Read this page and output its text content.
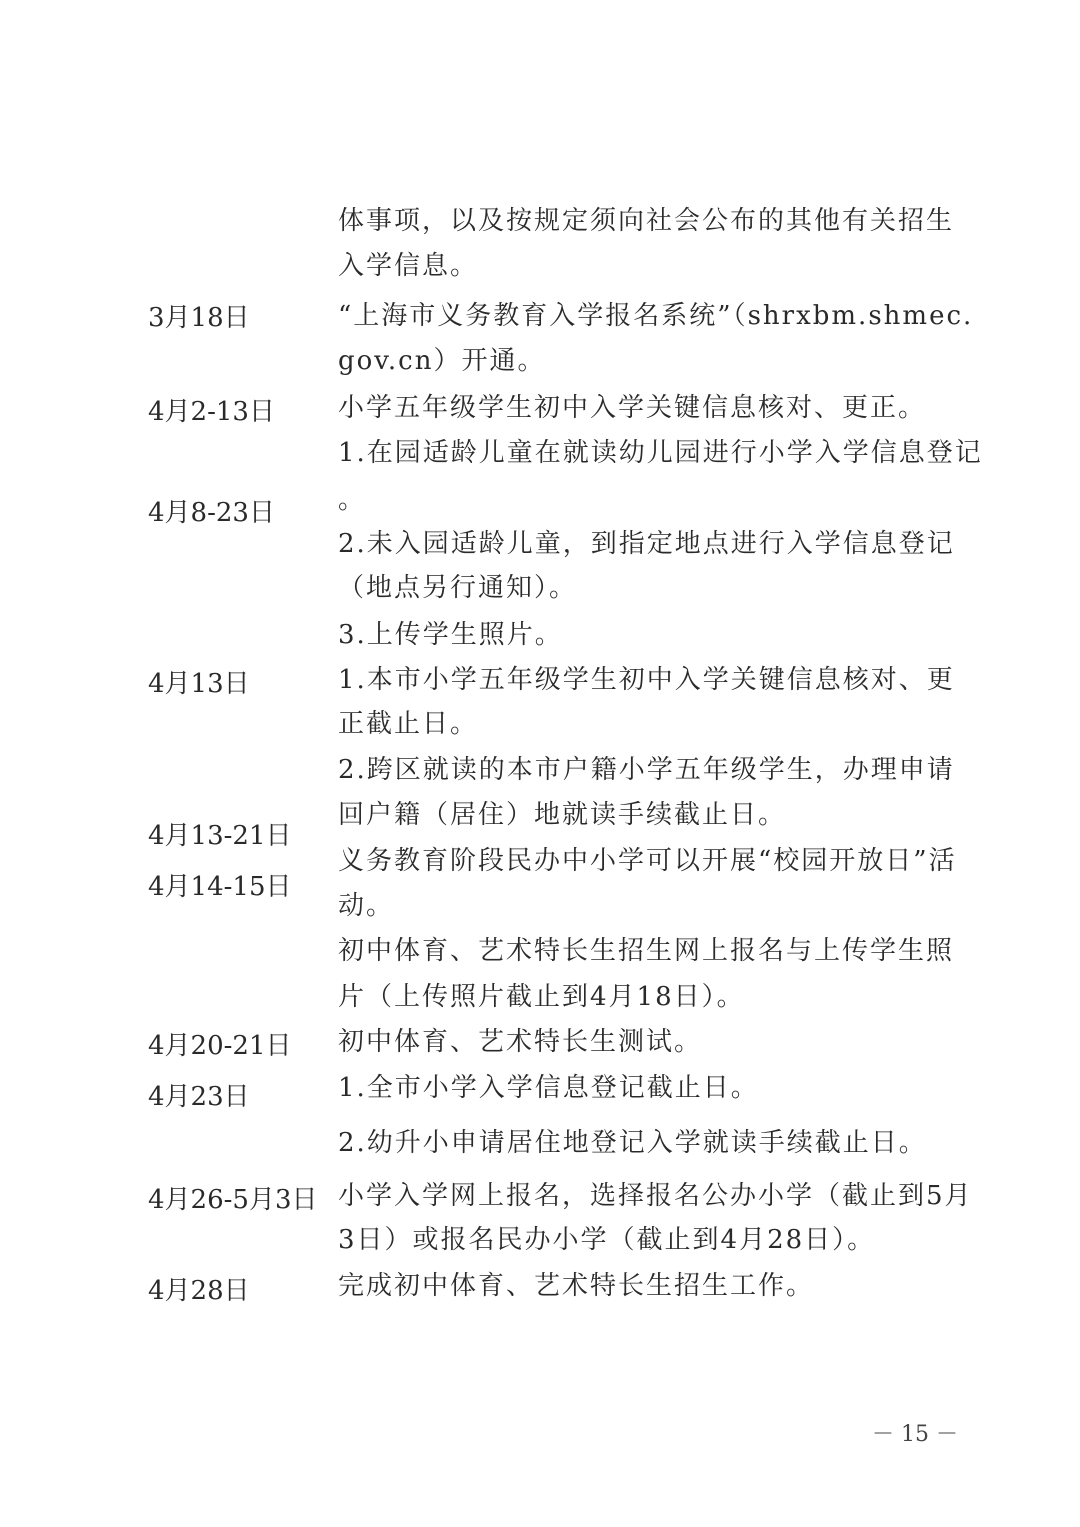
体事项，以及按规定须向社会公布的其他有关招生
入学信息。
“上海市义务教育入学报名系统”（shrxbm.shmec.
gov.cn）开通。
小学五年级学生初中入学关键信息核对、更正。
1.在园适龄儿童在就读幼儿园进行小学入学信息登记
。
2.未入园适龄儿童，到指定地点进行入学信息登记
（地点另行通知）。
3.上传学生照片。
1.本市小学五年级学生初中入学关键信息核对、更
正截止日。
2.跨区就读的本市户籍小学五年级学生，办理申请
回户籍（居住）地就读手续截止日。
义务教育阶段民办中小学可以开展“校园开放日”活
动。
初中体育、艺术特长生招生网上报名与上传学生照
片（上传照片截止到4月18日）。
初中体育、艺术特长生测试。
1.全市小学入学信息登记截止日。
2.幼升小申请居住地登记入学就读手续截止日。
小学入学网上报名，选择报名公办小学（截止到5月
3日）或报名民办小学（截止到4月28日）。
完成初中体育、艺术特长生招生工作。
3月18日
4月2-13日
4月8-23日
4月13日
4月13-21日
4月14-15日
4月20-21日
4月23日
4月26-5月3日
4月28日
－ 15 －
